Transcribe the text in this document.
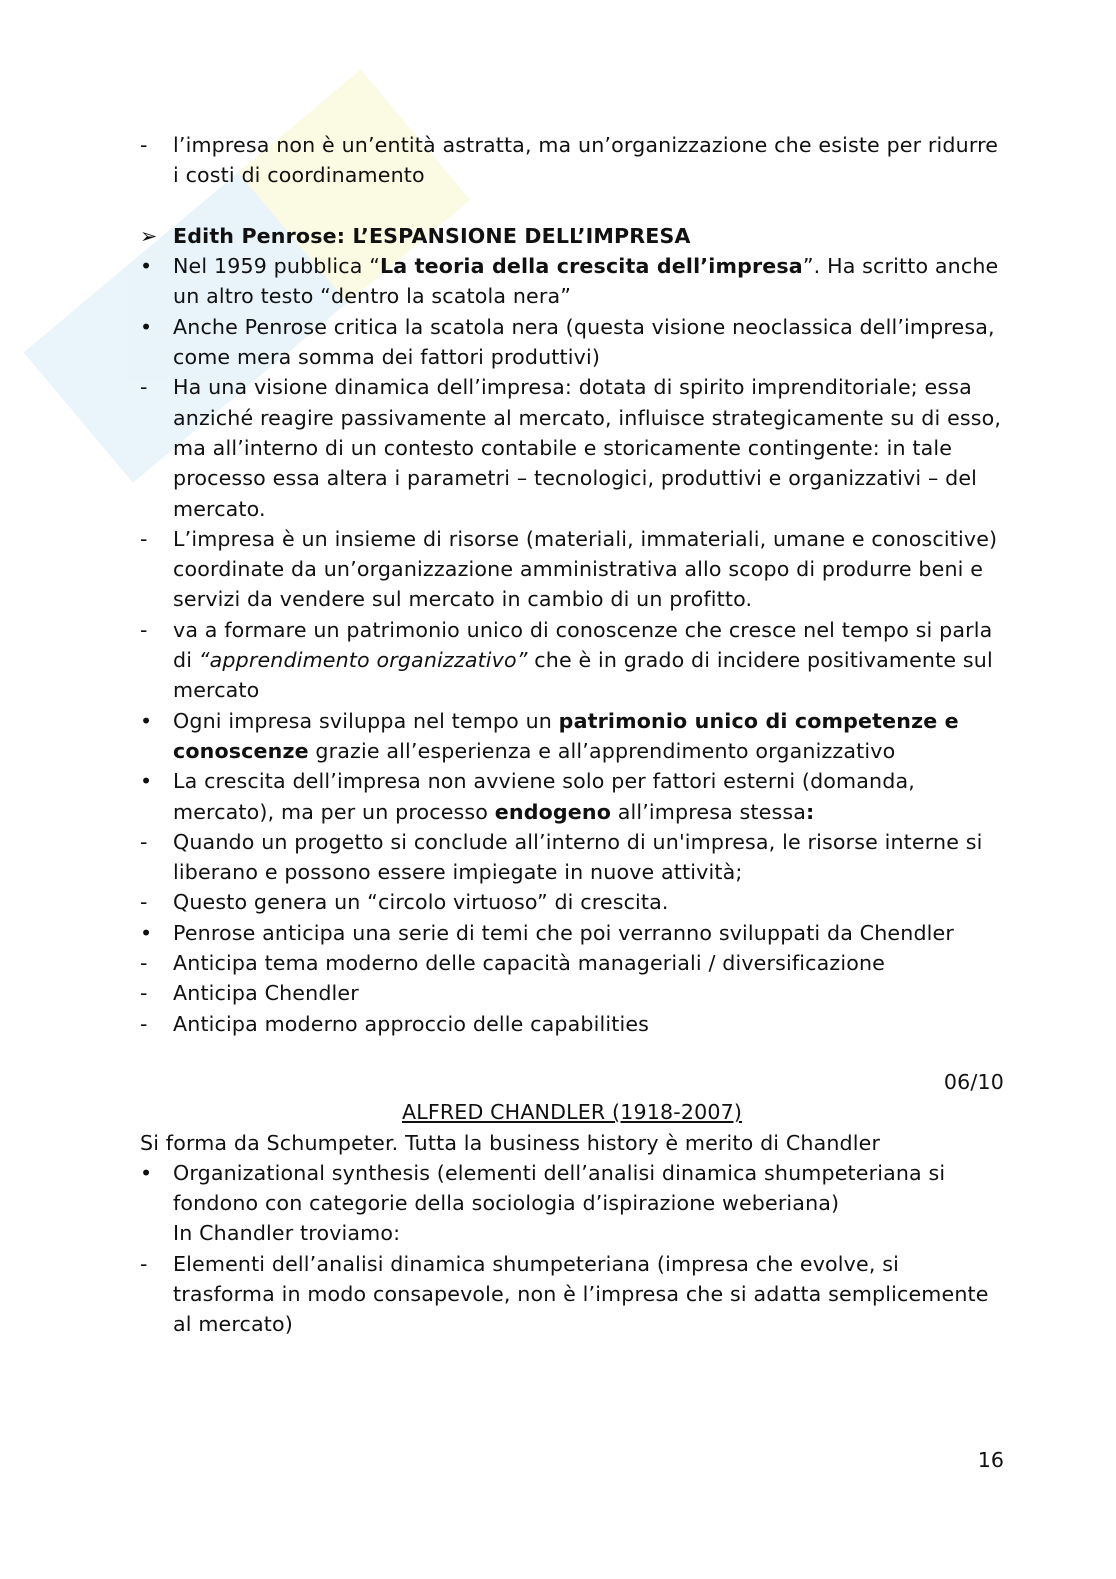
-	l’impresa non è un’entità astratta, ma un’organizzazione che esiste per ridurre i costi di coordinamento
➢ Edith Penrose: L’ESPANSIONE DELL’IMPRESA
•	Nel 1959 pubblica “La teoria della crescita dell’impresa”. Ha scritto anche un altro testo “dentro la scatola nera”
•	Anche Penrose critica la scatola nera (questa visione neoclassica dell’impresa, come mera somma dei fattori produttivi)
-	Ha una visione dinamica dell’impresa: dotata di spirito imprenditoriale; essa anziché reagire passivamente al mercato, influisce strategicamente su di esso, ma all’interno di un contesto contabile e storicamente contingente: in tale processo essa altera i parametri – tecnologici, produttivi e organizzativi – del mercato.
-	L’impresa è un insieme di risorse (materiali, immateriali, umane e conoscitive) coordinate da un’organizzazione amministrativa allo scopo di produrre beni e servizi da vendere sul mercato in cambio di un profitto.
-	va a formare un patrimonio unico di conoscenze che cresce nel tempo si parla di “apprendimento organizzativo” che è in grado di incidere positivamente sul mercato
•	Ogni impresa sviluppa nel tempo un patrimonio unico di competenze e conoscenze grazie all’esperienza e all’apprendimento organizzativo
•	La crescita dell’impresa non avviene solo per fattori esterni (domanda, mercato), ma per un processo endogeno all’impresa stessa:
-	Quando un progetto si conclude all’interno di un'impresa, le risorse interne si liberano e possono essere impiegate in nuove attività;
-	Questo genera un “circolo virtuoso” di crescita.
•	Penrose anticipa una serie di temi che poi verranno sviluppati da Chendler
-	Anticipa tema moderno delle capacità manageriali / diversificazione
-	Anticipa Chendler
-	Anticipa moderno approccio delle capabilities
06/10
ALFRED CHANDLER (1918-2007)
Si forma da Schumpeter. Tutta la business history è merito di Chandler
•	Organizational synthesis (elementi dell’analisi dinamica shumpeteriana si fondono con categorie della sociologia d’ispirazione weberiana)
In Chandler troviamo:
-	Elementi dell’analisi dinamica shumpeteriana (impresa che evolve, si trasforma in modo consapevole, non è l’impresa che si adatta semplicemente al mercato)
16
